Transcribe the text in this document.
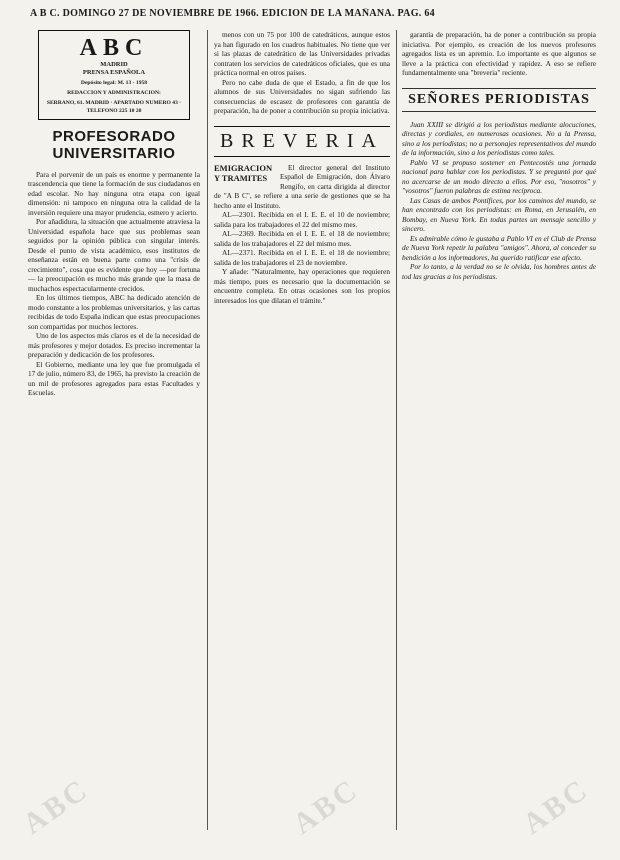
A B C. DOMINGO 27 DE NOVIEMBRE DE 1966. EDICION DE LA MAÑANA. PAG. 64
ABC
MADRID
PRENSA ESPAÑOLA
Depósito legal: M. 13 - 1958
REDACCION Y ADMINISTRACION:
SERRANO, 61. MADRID · APARTADO NUMERO 43 · TELEFONO 225 10 20
PROFESORADO UNIVERSITARIO

Para el porvenir de un país es enorme y permanente la trascendencia que tiene la formación de sus ciudadanos en edad escolar. No hay ninguna otra etapa con igual dimensión: ni tampoco en ninguna otra la calidad de la inversión requiere una mayor prudencia, esmero y acierto.

Por añadidura, la situación que actualmente atraviesa la Universidad española hace que sus problemas sean seguidos por la opinión pública con singular interés. Desde el punto de vista académico, esos institutos de enseñanza están en buena parte como una "crisis de crecimiento", cosa que es evidente que hoy —por fortuna— la preocupación es mucho más grande que la masa de muchachos espectacularmente crecidos.

En los últimos tiempos, ABC ha dedicado atención de modo constante a los problemas universitarios, y las cartas recibidas de todo España indican que estas preocupaciones son compartidas por muchos lectores.

Uno de los aspectos más claros es el de la necesidad de más profesores y mejor dotados. Es preciso incrementar la preparación y dedicación de los profesores.

El Gobierno, mediante una ley que fue promulgada el 17 de julio, número 83, de 1965, ha previsto la creación de un mil de profesores agregados para estas Facultades y Escuelas.

menos con un 75 por 100 de catedráticos, aunque estos ya han figurado en los cuadros habituales. No tiene que ver si las plazas de catedrático de las Universidades privadas contraten los servicios de catedráticos oficiales, que es una práctica normal en otros países.

Pero no cabe duda de que el Estado, a fin de que los alumnos de sus Universidades no sigan sufriendo las consecuencias de escasez de profesores con garantía de preparación, ha de poner a contribución su propia iniciativa.

BREVERIA
EMIGRACION Y TRAMITES

El director general del Instituto Español de Emigración, don Álvaro Rengifo, en carta dirigida al director de "A B C", se refiere a una serie de gestiones que se ha hecho ante el Instituto.

AL—2301. Recibida en el I. E. E. el 10 de noviembre; salida para los trabajadores el 22 del mismo mes.

AL—2369. Recibida en el I. E. E. el 18 de noviembre; salida de los trabajadores el 22 del mismo mes.

AL—2371. Recibida en el I. E. E. el 18 de noviembre; salida de los trabajadores el 23 de noviembre.

Y añade: "Naturalmente, hay operaciones que requieren más tiempo, pues es necesario que la documentación se encuentre completa. En otras ocasiones son los propios interesados los que dilatan el trámite."

garantía de preparación, ha de poner a contribución su propia iniciativa. Por ejemplo, es creación de los nuevos profesores agregados lista es un apremio. Lo importante es que algunos se lleve a la práctica con efectividad y rapidez. A eso se refiere fundamentalmente una "breveria" reciente.

SEÑORES PERIODISTAS

Juan XXIII se dirigió a los periodistas mediante alocuciones, directas y cordiales, en numerosas ocasiones. No a la Prensa, sino a los periodistas; no a personajes representativos del mundo de la información, sino a los periodistas como tales.

Pablo VI se propuso sostener en Pentecostés una jornada nacional para hablar con los periodistas. Y se preguntó por qué no acercarse de un modo directo a ellos. Por eso, "nosotros" y "vosotros" fueron palabras de estima recíproca.

Las Casas de ambos Pontífices, por los caminos del mundo, se han encontrado con los periodistas: en Roma, en Jerusalén, en Bombay, en Nueva York. En todas partes un mensaje sencillo y sincero.

Es admirable cómo le gustaba a Pablo VI en el Club de Prensa de Nueva York repetir la palabra "amigos". Ahora, al conceder su bendición a los informadores, ha querido ratificar ese afecto.

Por lo tanto, a la verdad no se le olvida, los hombres antes de tod las gracias a los periodistas.

ABC	ABC	ABC
